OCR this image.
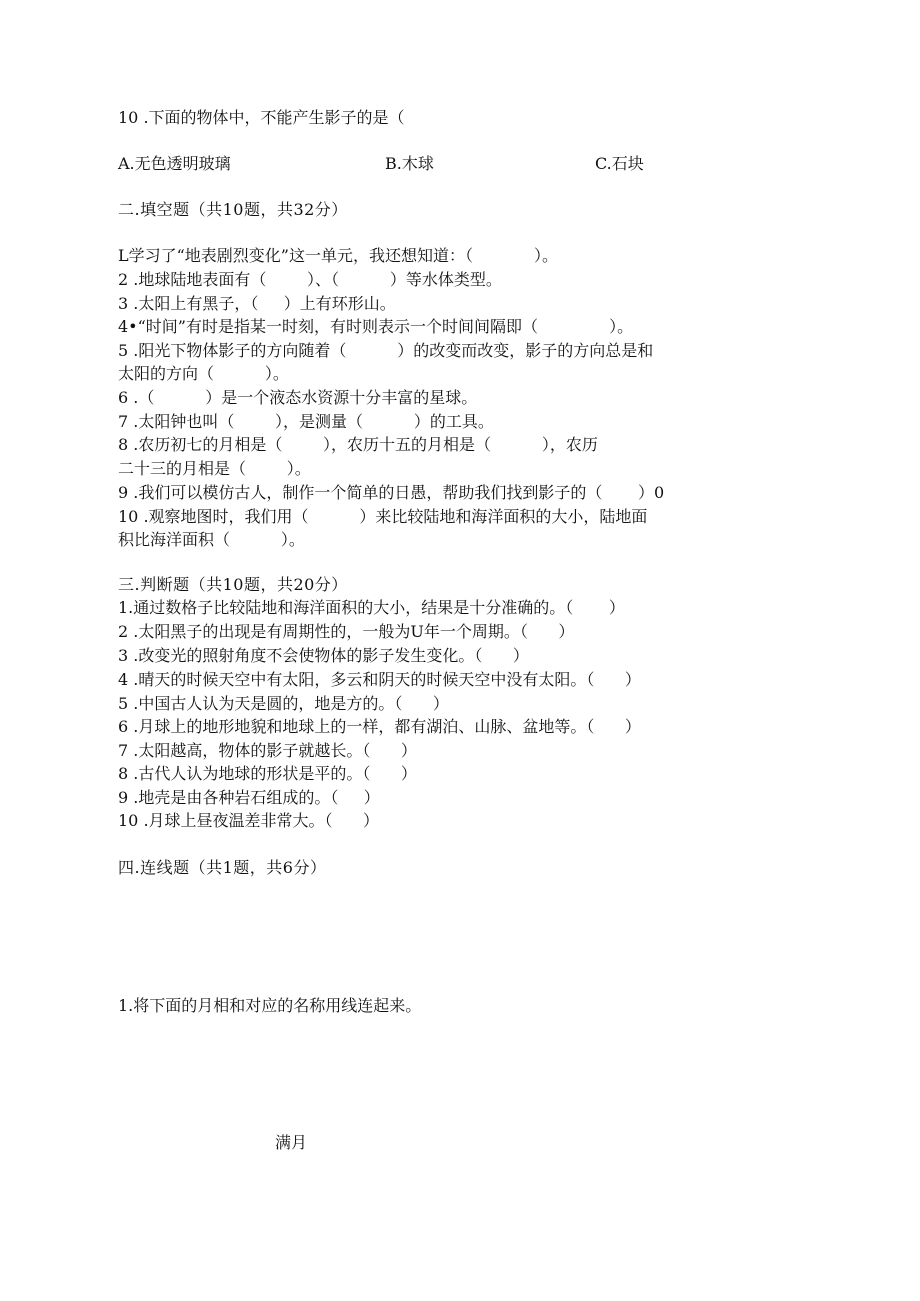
10 .下面的物体中，不能产生影子的是（
A.无色透明玻璃	B.木球	C.石块
二.填空题（共10题，共32分）
L学习了“地表剧烈变化”这一单元，我还想知道：（            ）。
2 .地球陆地表面有（        ）、（          ）等水体类型。
3 .太阳上有黑子，（     ）上有环形山。
4•“时间”有时是指某一时刻，有时则表示一个时间间隔即（              ）。
5 .阳光下物体影子的方向随着（          ）的改变而改变，影子的方向总是和
太阳的方向（          ）。
6 .（          ）是一个液态水资源十分丰富的星球。
7 .太阳钟也叫（        ），是测量（          ）的工具。
8 .农历初七的月相是（        ），农历十五的月相是（          ），农历
二十三的月相是（        ）。
9 .我们可以模仿古人，制作一个简单的日愚，帮助我们找到影子的（       ）0
10 .观察地图时，我们用（          ）来比较陆地和海洋面积的大小，陆地面
积比海洋面积（          ）。
三.判断题（共10题，共20分）
1.通过数格子比较陆地和海洋面积的大小，结果是十分准确的。（       ）
2 .太阳黑子的出现是有周期性的，一般为U年一个周期。（      ）
3 .改变光的照射角度不会使物体的影子发生变化。（      ）
4 .晴天的时候天空中有太阳，多云和阴天的时候天空中没有太阳。（      ）
5 .中国古人认为天是圆的，地是方的。（      ）
6 .月球上的地形地貌和地球上的一样，都有湖泊、山脉、盆地等。（      ）
7 .太阳越高，物体的影子就越长。（      ）
8 .古代人认为地球的形状是平的。（      ）
9 .地壳是由各种岩石组成的。（     ）
10 .月球上昼夜温差非常大。（      ）
四.连线题（共1题，共6分）
1.将下面的月相和对应的名称用线连起来。
满月
